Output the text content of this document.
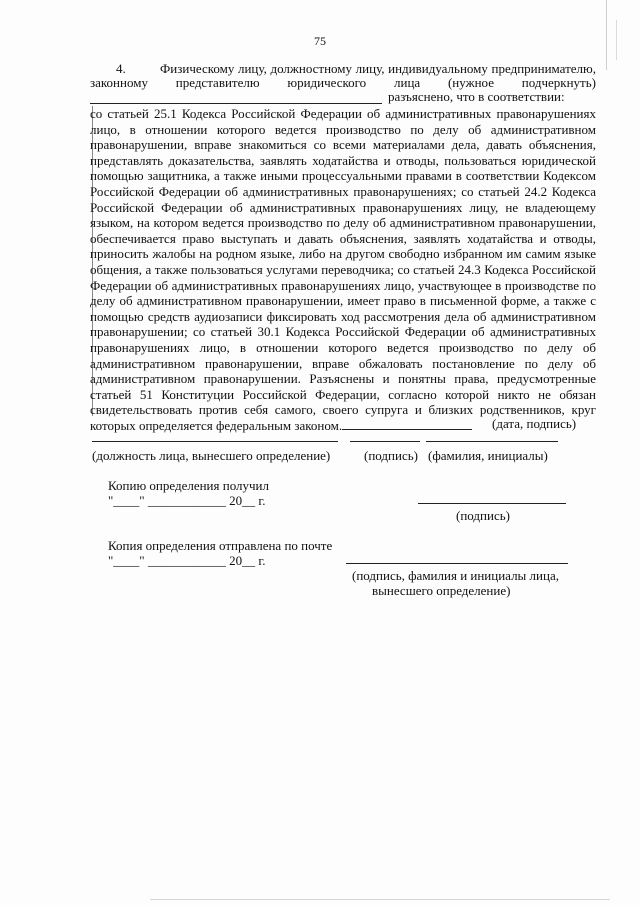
75
4.	Физическому лицу, должностному лицу, индивидуальному предпринимателю,
законному представителю юридического лица (нужное подчеркнуть)
разъяснено, что в соответствии:
со статьей 25.1 Кодекса Российской Федерации об административных правонарушениях лицо, в отношении которого ведется производство по делу об административном правонарушении, вправе знакомиться со всеми материалами дела, давать объяснения, представлять доказательства, заявлять ходатайства и отводы, пользоваться юридической помощью защитника, а также иными процессуальными правами в соответствии Кодексом Российской Федерации об административных правонарушениях; со статьей 24.2 Кодекса Российской Федерации об административных правонарушениях лицу, не владеющему языком, на котором ведется производство по делу об административном правонарушении, обеспечивается право выступать и давать объяснения, заявлять ходатайства и отводы, приносить жалобы на родном языке, либо на другом свободно избранном им самим языке общения, а также пользоваться услугами переводчика; со статьей 24.3 Кодекса Российской Федерации об административных правонарушениях лицо, участвующее в производстве по делу об административном правонарушении, имеет право в письменной форме, а также с помощью средств аудиозаписи фиксировать ход рассмотрения дела об административном правонарушении; со статьей 30.1 Кодекса Российской Федерации об административных правонарушениях лицо, в отношении которого ведется производство по делу об административном правонарушении, вправе обжаловать постановление по делу об административном правонарушении. Разъяснены и понятны права, предусмотренные статьей 51 Конституции Российской Федерации, согласно которой никто не обязан свидетельствовать против себя самого, своего супруга и близких родственников, круг которых определяется федеральным законом.	(дата, подпись)
(должность лица, вынесшего определение)	(подпись) (фамилия, инициалы)
Копию определения получил
"____" ____________ 20__ г.
(подпись)
Копия определения отправлена по почте
"____" ____________ 20__ г.
(подпись, фамилия и инициалы лица,
вынесшего определение)
